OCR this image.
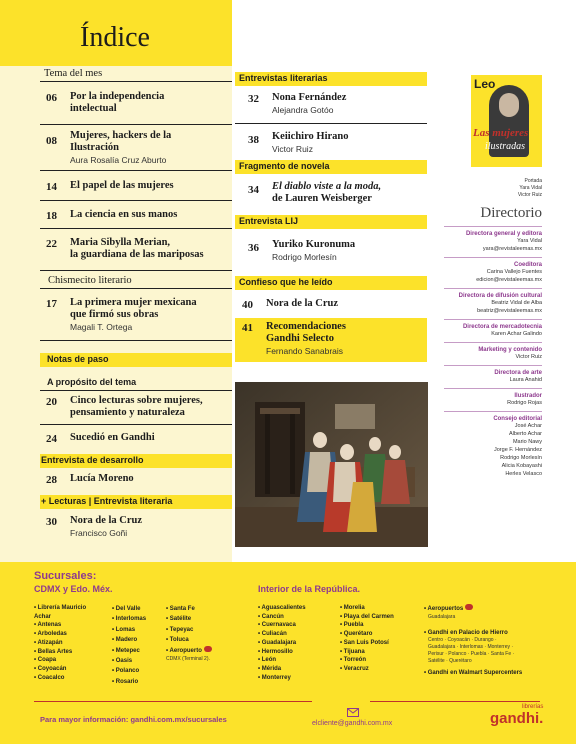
Índice
Tema del mes
06 Por la independencia
intelectual
08 Mujeres, hackers de la
Ilustración
Aura Rosalía Cruz Aburto
14 El papel de las mujeres
18 La ciencia en sus manos
22 Maria Sibylla Merian,
la guardiana de las mariposas
Chismecito literario
17 La primera mujer mexicana
que firmó sus obras
Magali T. Ortega
Notas de paso
A propósito del tema
20 Cinco lecturas sobre mujeres,
pensamiento y naturaleza
24 Sucedió en Gandhi
Entrevista de desarrollo
28 Lucía Moreno
+ Lecturas | Entrevista literaria
30 Nora de la Cruz
Francisco Goñi
Entrevistas literarias
32 Nona Fernández
Alejandra Gotóo
38 Keiichiro Hirano
Victor Ruiz
Fragmento de novela
34 El diablo viste a la moda,
de Lauren Weisberger
Entrevista LIJ
36 Yuriko Kuronuma
Rodrigo Morlesín
Confieso que he leído
40 Nora de la Cruz
41 Recomendaciones
Gandhi Selecto
Fernando Sanabrais
Leo
Las mujeres
ilustradas
Portada
Yara Vidal
Victor Ruiz
Directorio
Directora general y editora
Yara Vidal
yara@revistaleemas.mx
Coeditora
Carina Vallejo Fuentes
edicion@revistaleemas.mx
Directora de difusión cultural
Beatriz Vidal de Alba
beatriz@revistaleemas.mx
Directora de mercadotecnia
Karen Achar Galindo
Marketing y contenido
Victor Ruiz
Directora de arte
Laura Anahid
Ilustrador
Rodrigo Rojas
Consejo editorial
José Achar
Alberto Achar
Mario Nawy
Jorge F. Hernández
Rodrigo Morlesín
Alicia Kobayashi
Herles Velasco
Sucursales:
CDMX y Edo. Méx.	Interior de la República.
• Librería Mauricio
Achar
• Antenas
• Arboledas
• Atizapán
• Bellas Artes
• Coapa
• Coyoacán
• Coacalco
• Del Valle
• Interlomas
• Lomas
• Madero
• Metepec
• Oasis
• Polanco
• Rosario
• Santa Fe
• Satélite
• Tepeyac
• Toluca
• Aeropuerto
CDMX (Terminal 2).
• Aguascalientes
• Cancún
• Cuernavaca
• Culiacán
• Guadalajara
• Hermosillo
• León
• Mérida
• Monterrey
• Morelia
• Playa del Carmen
• Puebla
• Querétaro
• San Luis Potosí
• Tijuana
• Torreón
• Veracruz
• Aeropuertos
Guadalajara
• Gandhi en Palacio de Hierro
Centro · Coyoacán · Durango ·
Guadalajara · Interlomas · Monterrey ·
Perisur · Polanco · Puebla · Santa Fe ·
Satélite · Querétaro
• Gandhi en Walmart Supercenters
Para mayor información: gandhi.com.mx/sucursales	elcliente@gandhi.com.mx
librerías
gandhi.
